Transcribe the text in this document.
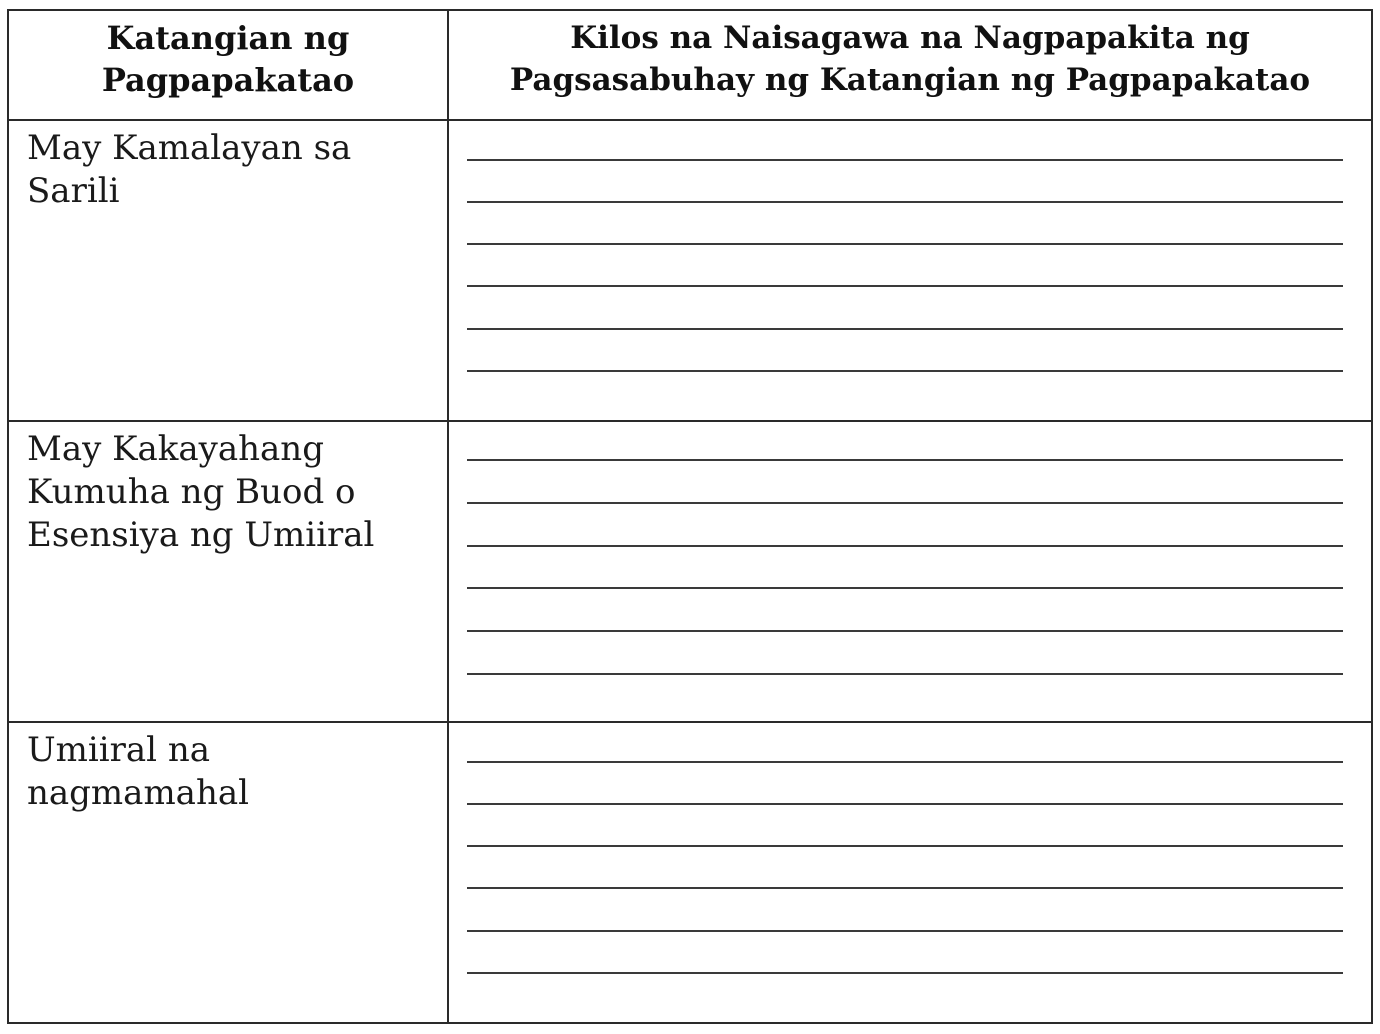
Katangian ng
Pagpapakatao	Kilos na Naisagawa na Nagpapakita ng
Pagsasabuhay ng Katangian ng Pagpapakatao
May Kamalayan sa
Sarili	

May Kakayahang
Kumuha ng Buod o
Esensiya ng Umiiral	

Umiiral na
nagmamahal	
